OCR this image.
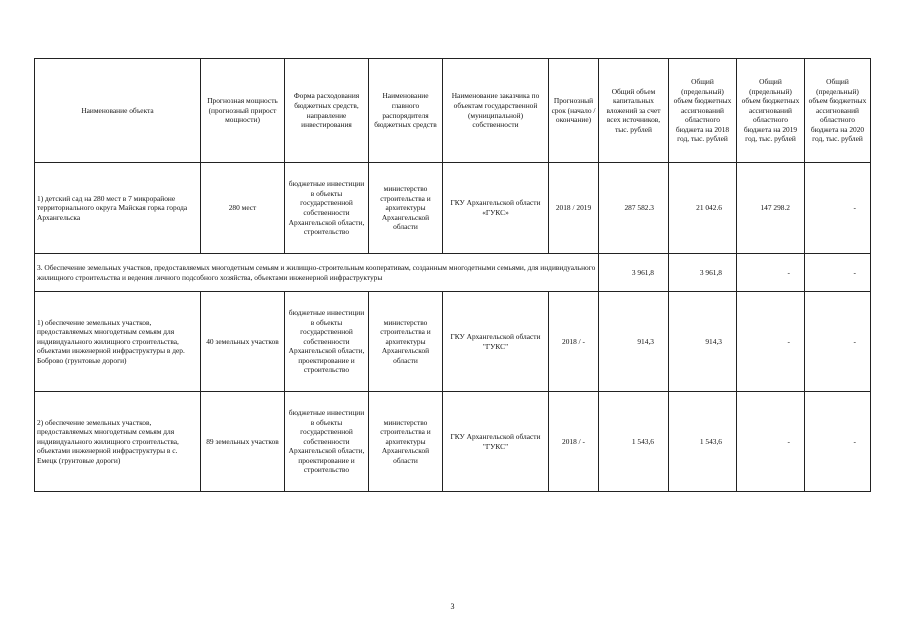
Наименование объекта	Прогнозная мощность (прогнозный прирост мощности)	Форма расходования бюджетных средств, направление инвестирования	Наименование главного распорядителя бюджетных средств	Наименование заказчика по объектам государственной (муниципальной) собственности	Прогнозный срок (начало / окончание)	Общий объем капитальных вложений за счет всех источников, тыс. рублей	Общий (предельный) объем бюджетных ассигнований областного бюджета на 2018 год, тыс. рублей	Общий (предельный) объем бюджетных ассигнований областного бюджета на 2019 год, тыс. рублей	Общий (предельный) объем бюджетных ассигнований областного бюджета на 2020 год, тыс. рублей
1) детский сад на 280 мест в 7 микрорайоне территориального округа Майская горка города Архангельска	280 мест	бюджетные инвестиции в объекты государственной собственности Архангельской области, строительство	министерство строительства и архитектуры Архангельской области	ГКУ Архангельской области «ГУКС»	2018 / 2019	287 582.3	21 042.6	147 298.2	-
3. Обеспечение земельных участков, предоставляемых многодетным семьям и жилищно-строительным кооперативам, созданным многодетными семьями, для индивидуального жилищного строительства и ведения личного подсобного хозяйства, объектами инженерной инфраструктуры						3 961,8	3 961,8	-	-
1) обеспечение земельных участков, предоставляемых многодетным семьям для индивидуального жилищного строительства, объектами инженерной инфраструктуры в дер. Боброво (грунтовые дороги)	40 земельных участков	бюджетные инвестиции в объекты государственной собственности Архангельской области, проектирование и строительство	министерство строительства и архитектуры Архангельской области	ГКУ Архангельской области "ГУКС"	2018 / -	914,3	914,3	-	-
2) обеспечение земельных участков, предоставляемых многодетным семьям для индивидуального жилищного строительства, объектами инженерной инфраструктуры в с. Емецк (грунтовые дороги)	89 земельных участков	бюджетные инвестиции в объекты государственной собственности Архангельской области, проектирование и строительство	министерство строительства и архитектуры Архангельской области	ГКУ Архангельской области "ГУКС"	2018 / -	1 543,6	1 543,6	-	-
3
